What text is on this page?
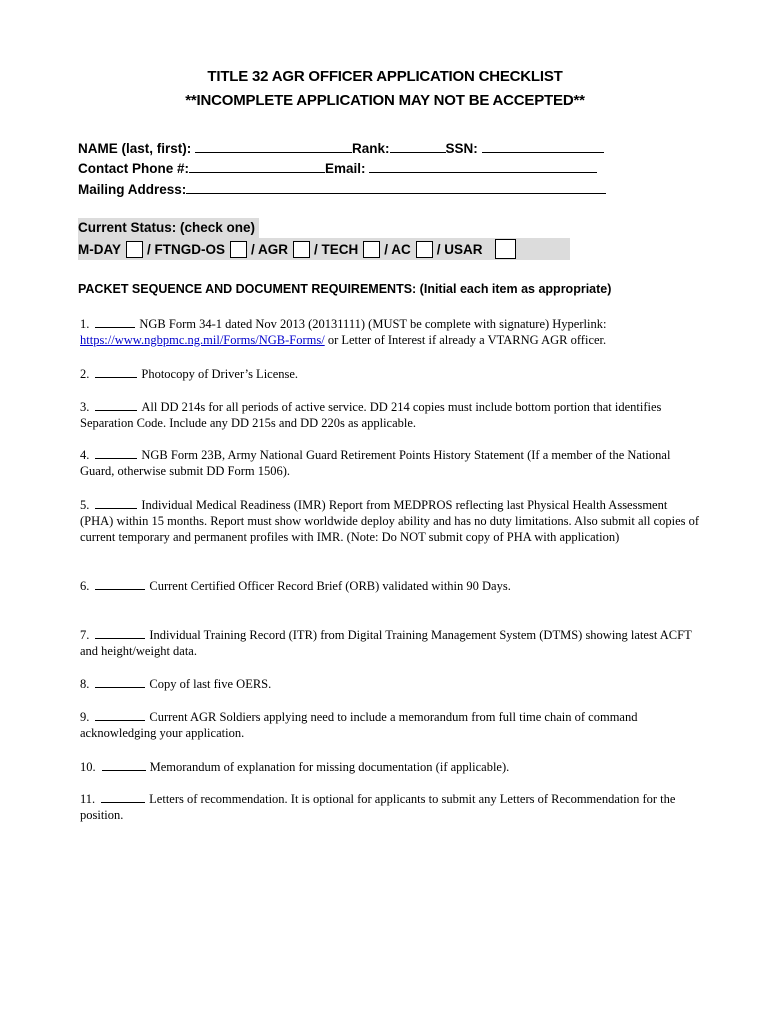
TITLE 32 AGR OFFICER APPLICATION CHECKLIST
**INCOMPLETE APPLICATION MAY NOT BE ACCEPTED**
NAME (last, first):	Rank:	SSN:
Contact Phone #:	Email:
Mailing Address:
Current Status: (check one)
M-DAY / FTNGD-OS / AGR / TECH / AC / USAR
PACKET SEQUENCE AND DOCUMENT REQUIREMENTS: (Initial each item as appropriate)
1.	NGB Form 34-1 dated Nov 2013 (20131111) (MUST be complete with signature) Hyperlink:
https://www.ngbpmc.ng.mil/Forms/NGB-Forms/ or Letter of Interest if already a VTARNG AGR officer.
2.	Photocopy of Driver’s License.
3.	All DD 214s for all periods of active service. DD 214 copies must include bottom portion that identifies Separation Code. Include any DD 215s and DD 220s as applicable.
4.	NGB Form 23B, Army National Guard Retirement Points History Statement (If a member of the National Guard, otherwise submit DD Form 1506).
5.	Individual Medical Readiness (IMR) Report from MEDPROS reflecting last Physical Health Assessment (PHA) within 15 months. Report must show worldwide deploy ability and has no duty limitations. Also submit all copies of current temporary and permanent profiles with IMR. (Note: Do NOT submit copy of PHA with application)
6.	Current Certified Officer Record Brief (ORB) validated within 90 Days.
7.	Individual Training Record (ITR) from Digital Training Management System (DTMS) showing latest ACFT and height/weight data.
8.	Copy of last five OERS.
9.	Current AGR Soldiers applying need to include a memorandum from full time chain of command acknowledging your application.
10.	Memorandum of explanation for missing documentation (if applicable).
11.	Letters of recommendation. It is optional for applicants to submit any Letters of Recommendation for the position.
